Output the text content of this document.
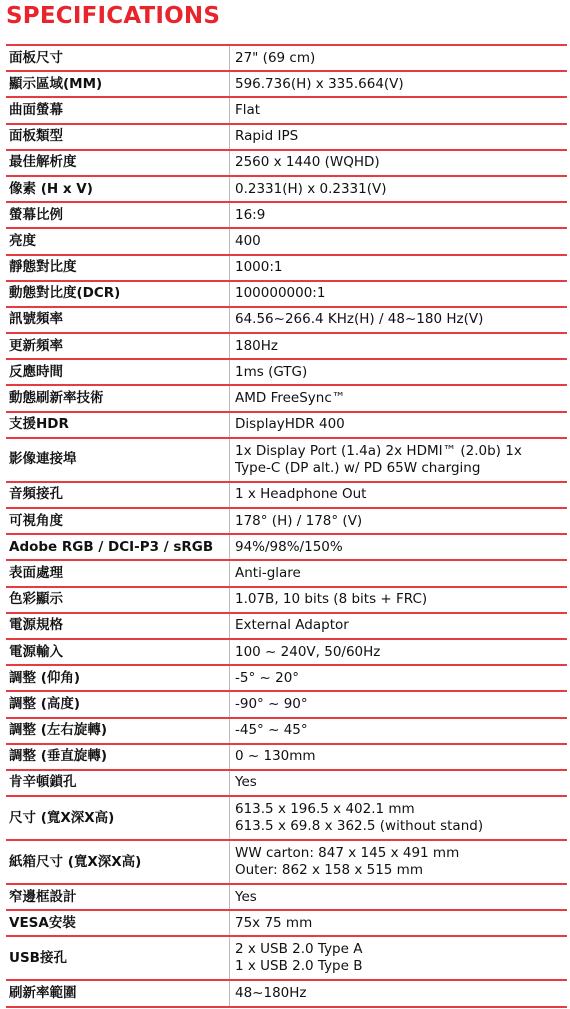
SPECIFICATIONS
面板尺寸	27" (69 cm)
顯示區域(MM)	596.736(H) x 335.664(V)
曲面螢幕	Flat
面板類型	Rapid IPS
最佳解析度	2560 x 1440 (WQHD)
像素 (H x V)	0.2331(H) x 0.2331(V)
螢幕比例	16:9
亮度	400
靜態對比度	1000:1
動態對比度(DCR)	100000000:1
訊號頻率	64.56~266.4 KHz(H) / 48~180 Hz(V)
更新頻率	180Hz
反應時間	1ms (GTG)
動態刷新率技術	AMD FreeSync™
支援HDR	DisplayHDR 400
影像連接埠	1x Display Port (1.4a) 2x HDMI™ (2.0b) 1x
Type-C (DP alt.) w/ PD 65W charging
音頻接孔	1 x Headphone Out
可視角度	178° (H) / 178° (V)
Adobe RGB / DCI-P3 / sRGB	94%/98%/150%
表面處理	Anti-glare
色彩顯示	1.07B, 10 bits (8 bits + FRC)
電源規格	External Adaptor
電源輸入	100 ~ 240V, 50/60Hz
調整 (仰角)	-5° ~ 20°
調整 (高度)	-90° ~ 90°
調整 (左右旋轉)	-45° ~ 45°
調整 (垂直旋轉)	0 ~ 130mm
肯辛頓鎖孔	Yes
尺寸 (寬X深X高)	613.5 x 196.5 x 402.1 mm
613.5 x 69.8 x 362.5 (without stand)
紙箱尺寸 (寬X深X高)	WW carton: 847 x 145 x 491 mm
Outer: 862 x 158 x 515 mm
窄邊框設計	Yes
VESA安裝	75x 75 mm
USB接孔	2 x USB 2.0 Type A
1 x USB 2.0 Type B
刷新率範圍	48~180Hz
